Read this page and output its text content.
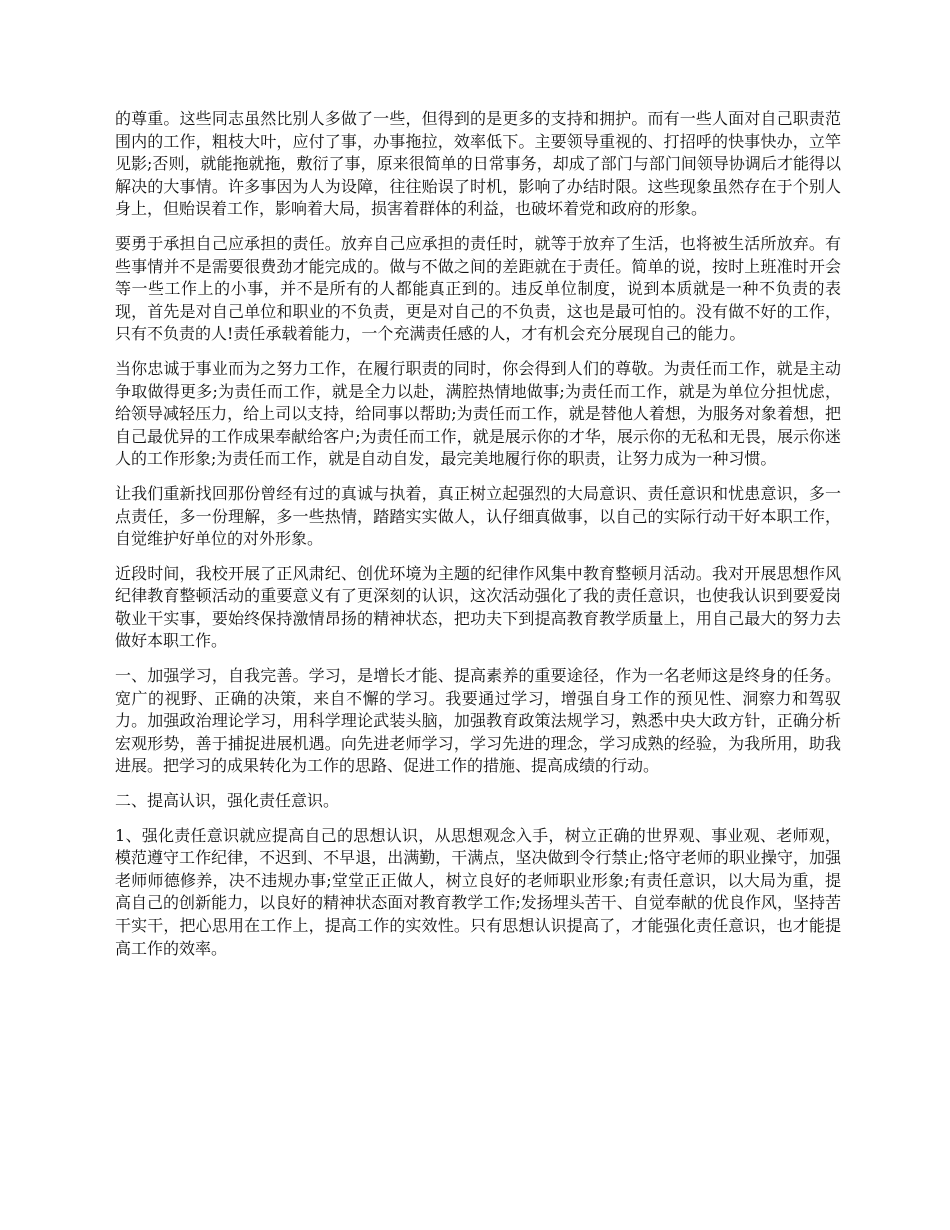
的尊重。这些同志虽然比别人多做了一些，但得到的是更多的支持和拥护。而有一些人面对自己职责范围内的工作，粗枝大叶，应付了事，办事拖拉，效率低下。主要领导重视的、打招呼的快事快办，立竿见影;否则，就能拖就拖，敷衍了事，原来很简单的日常事务，却成了部门与部门间领导协调后才能得以解决的大事情。许多事因为人为设障，往往贻误了时机，影响了办结时限。这些现象虽然存在于个别人身上，但贻误着工作，影响着大局，损害着群体的利益，也破坏着党和政府的形象。

要勇于承担自己应承担的责任。放弃自己应承担的责任时，就等于放弃了生活，也将被生活所放弃。有些事情并不是需要很费劲才能完成的。做与不做之间的差距就在于责任。简单的说，按时上班准时开会等一些工作上的小事，并不是所有的人都能真正到的。违反单位制度，说到本质就是一种不负责的表现，首先是对自己单位和职业的不负责，更是对自己的不负责，这也是最可怕的。没有做不好的工作，只有不负责的人!责任承载着能力，一个充满责任感的人，才有机会充分展现自己的能力。

当你忠诚于事业而为之努力工作，在履行职责的同时，你会得到人们的尊敬。为责任而工作，就是主动争取做得更多;为责任而工作，就是全力以赴，满腔热情地做事;为责任而工作，就是为单位分担忧虑，给领导减轻压力，给上司以支持，给同事以帮助;为责任而工作，就是替他人着想，为服务对象着想，把自己最优异的工作成果奉献给客户;为责任而工作，就是展示你的才华，展示你的无私和无畏，展示你迷人的工作形象;为责任而工作，就是自动自发，最完美地履行你的职责，让努力成为一种习惯。

让我们重新找回那份曾经有过的真诚与执着，真正树立起强烈的大局意识、责任意识和忧患意识，多一点责任，多一份理解，多一些热情，踏踏实实做人，认仔细真做事，以自己的实际行动干好本职工作，自觉维护好单位的对外形象。

近段时间，我校开展了正风肃纪、创优环境为主题的纪律作风集中教育整顿月活动。我对开展思想作风纪律教育整顿活动的重要意义有了更深刻的认识，这次活动强化了我的责任意识，也使我认识到要爱岗敬业干实事，要始终保持激情昂扬的精神状态，把功夫下到提高教育教学质量上，用自己最大的努力去做好本职工作。

一、加强学习，自我完善。学习，是增长才能、提高素养的重要途径，作为一名老师这是终身的任务。宽广的视野、正确的决策，来自不懈的学习。我要通过学习，增强自身工作的预见性、洞察力和驾驭力。加强政治理论学习，用科学理论武装头脑，加强教育政策法规学习，熟悉中央大政方针，正确分析宏观形势，善于捕捉进展机遇。向先进老师学习，学习先进的理念，学习成熟的经验，为我所用，助我进展。把学习的成果转化为工作的思路、促进工作的措施、提高成绩的行动。

二、提高认识，强化责任意识。

1、强化责任意识就应提高自己的思想认识，从思想观念入手，树立正确的世界观、事业观、老师观，模范遵守工作纪律，不迟到、不早退，出满勤，干满点，坚决做到令行禁止;恪守老师的职业操守，加强老师师德修养，决不违规办事;堂堂正正做人，树立良好的老师职业形象;有责任意识，以大局为重，提高自己的创新能力，以良好的精神状态面对教育教学工作;发扬埋头苦干、自觉奉献的优良作风，坚持苦干实干，把心思用在工作上，提高工作的实效性。只有思想认识提高了，才能强化责任意识，也才能提高工作的效率。
